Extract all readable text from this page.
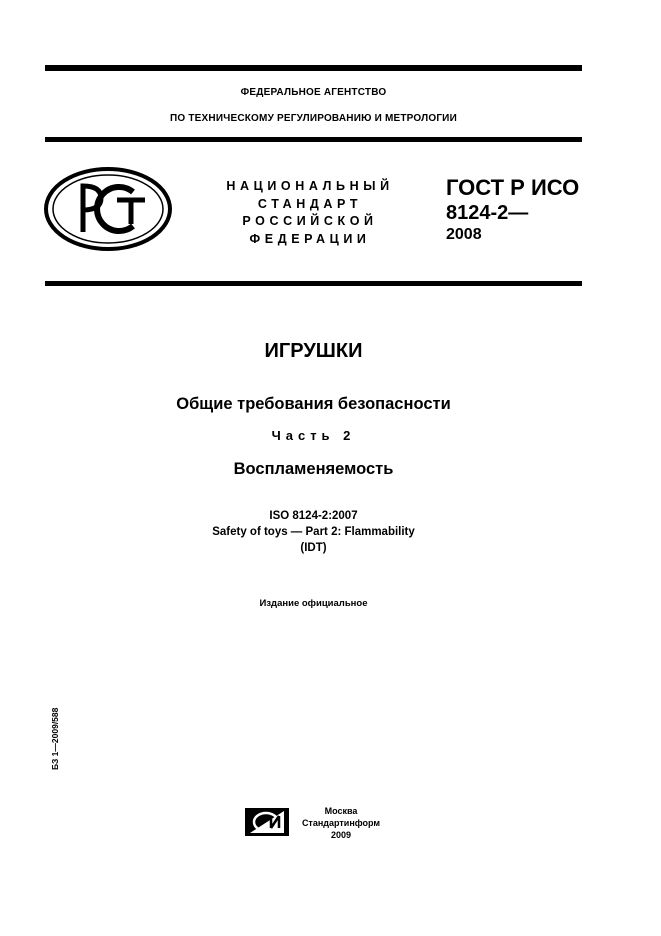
ФЕДЕРАЛЬНОЕ АГЕНТСТВО
ПО ТЕХНИЧЕСКОМУ РЕГУЛИРОВАНИЮ И МЕТРОЛОГИИ
НАЦИОНАЛЬНЫЙ
СТАНДАРТ
РОССИЙСКОЙ
ФЕДЕРАЦИИ
ГОСТ Р ИСО
8124-2—
2008
ИГРУШКИ
Общие требования безопасности
Часть 2
Воспламеняемость
ISO 8124-2:2007
Safety of toys — Part 2: Flammability
(IDT)
Издание официальное
БЗ 1—2009/588
Москва
Стандартинформ
2009
